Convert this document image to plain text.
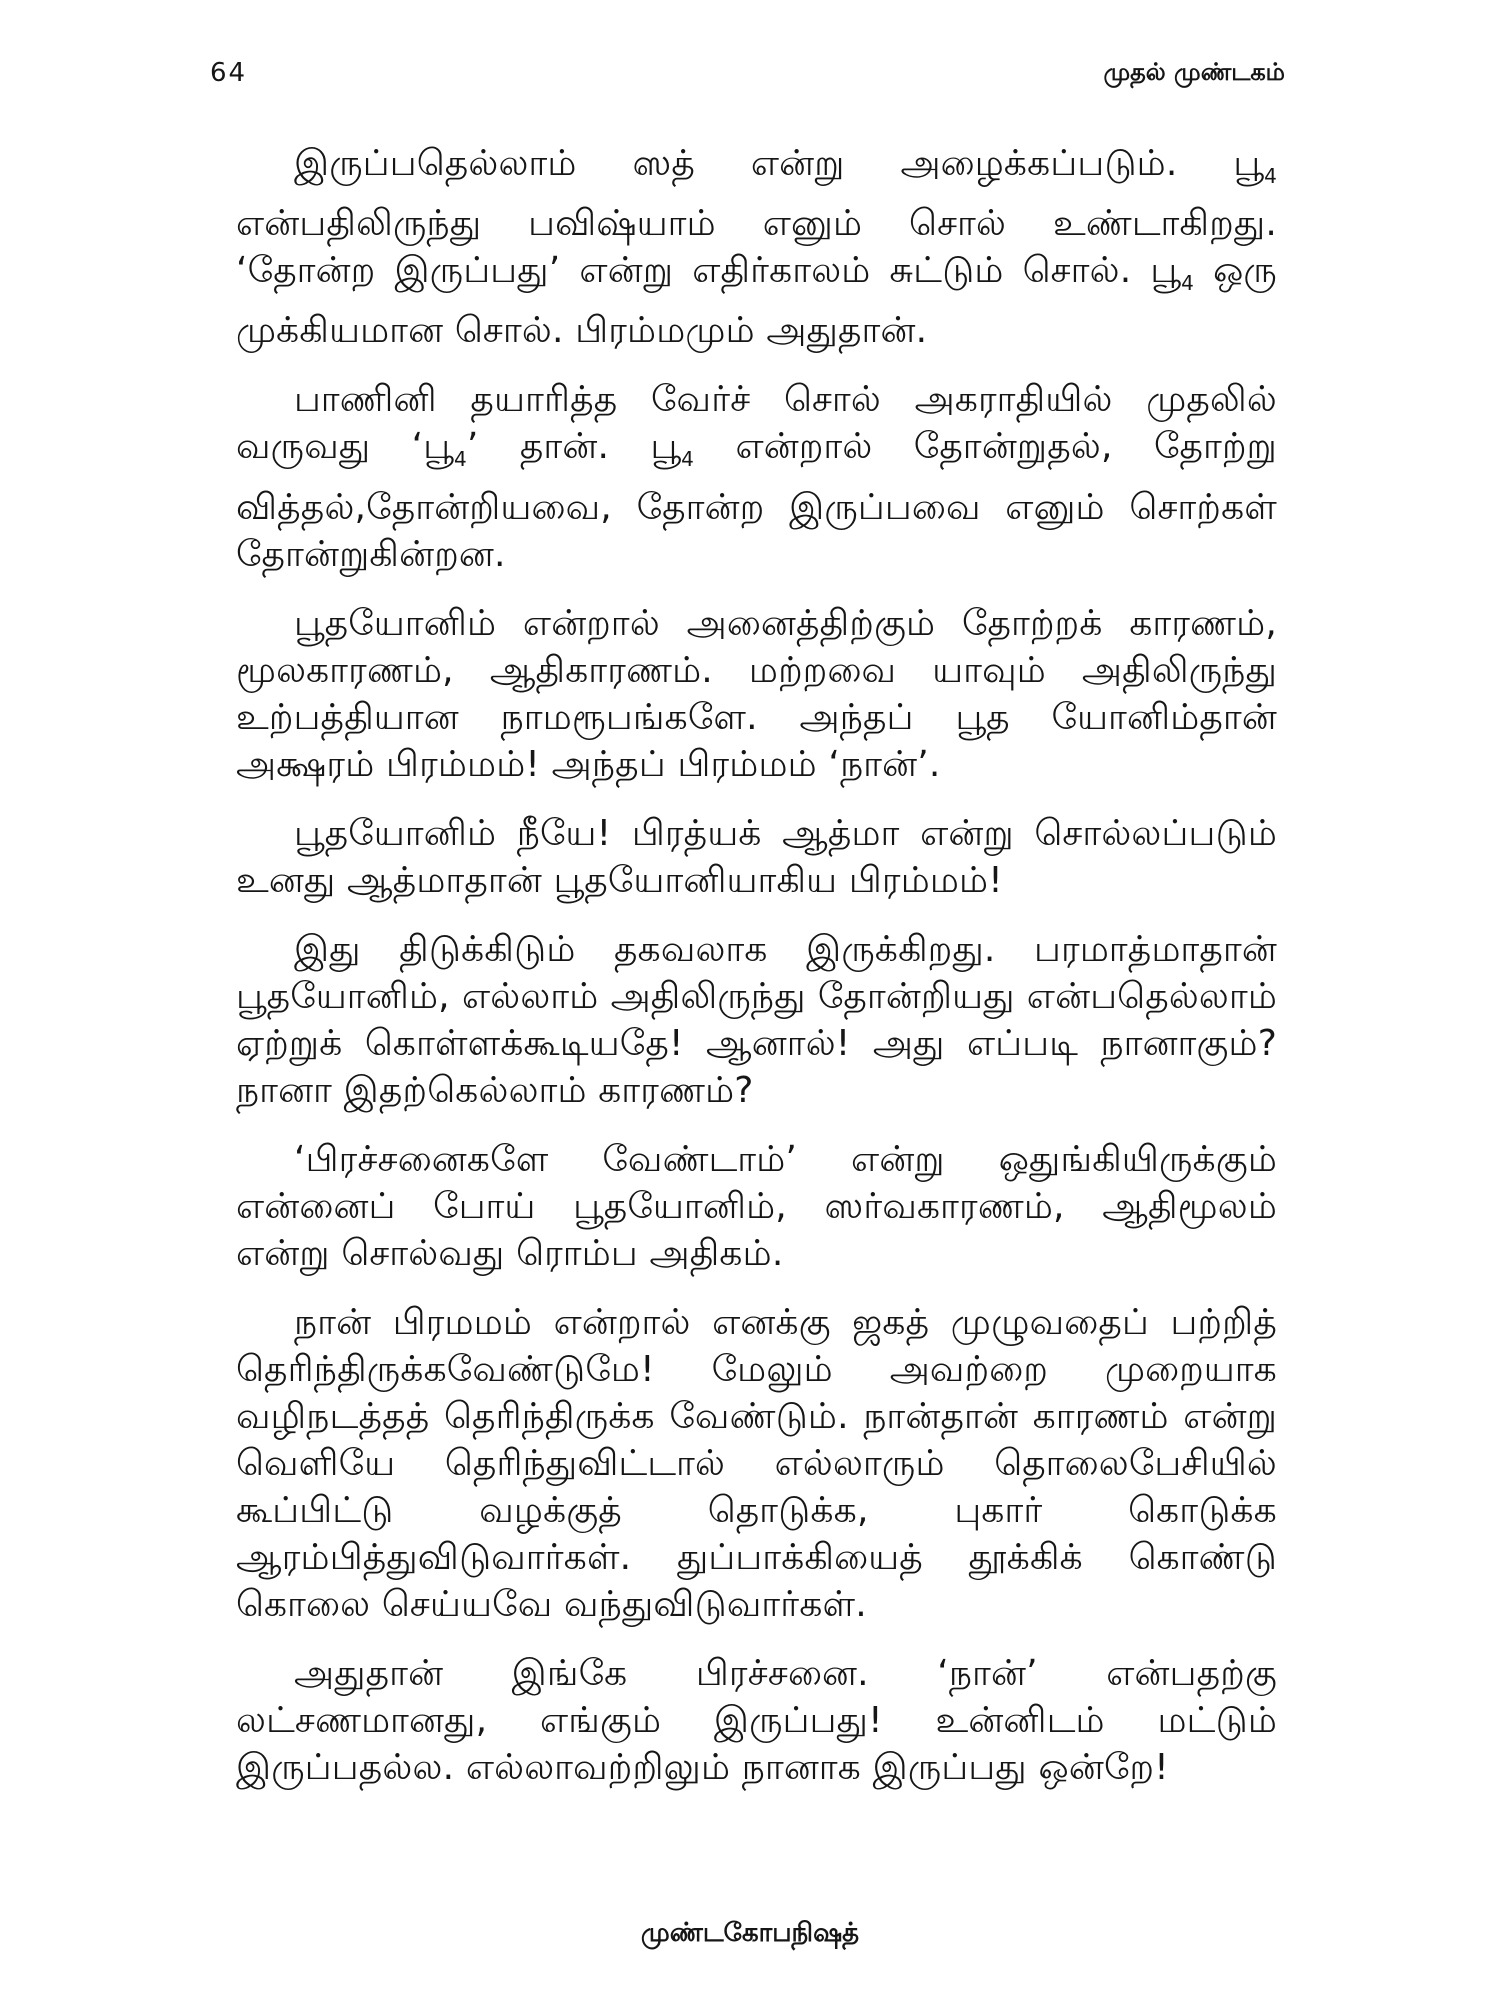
64	முதல் முண்டகம்

இருப்பதெல்லாம் ஸத் என்று அழைக்கப்படும். $பூ_4$ என்பதிலிருந்து பவிஷ்யாம் எனும் சொல் உண்டாகிறது. ‘தோன்ற இருப்பது’ என்று எதிர்காலம் சுட்டும் சொல். $பூ_4$ ஒரு முக்கியமான சொல். பிரம்மமும் அதுதான்.

பாணினி தயாரித்த வேர்ச் சொல் அகராதியில் முதலில் வருவது ‘$பூ_4$’ தான். $பூ_4$ என்றால் தோன்றுதல், தோற்று வித்தல்,தோன்றியவை, தோன்ற இருப்பவை எனும் சொற்கள் தோன்றுகின்றன.

பூதயோனிம் என்றால் அனைத்திற்கும் தோற்றக் காரணம், மூலகாரணம், ஆதிகாரணம். மற்றவை யாவும் அதிலிருந்து உற்பத்தியான நாமரூபங்களே. அந்தப் பூத யோனிம்தான் அக்ஷரம் பிரம்மம்! அந்தப் பிரம்மம் ‘நான்’.

பூதயோனிம் நீயே! பிரத்யக் ஆத்மா என்று சொல்லப்படும் உனது ஆத்மாதான் பூதயோனியாகிய பிரம்மம்!

இது திடுக்கிடும் தகவலாக இருக்கிறது. பரமாத்மாதான் பூதயோனிம், எல்லாம் அதிலிருந்து தோன்றியது என்பதெல்லாம் ஏற்றுக் கொள்ளக்கூடியதே! ஆனால்! அது எப்படி நானாகும்? நானா இதற்கெல்லாம் காரணம்?

‘பிரச்சனைகளே வேண்டாம்’ என்று ஒதுங்கியிருக்கும் என்னைப் போய் பூதயோனிம், ஸர்வகாரணம், ஆதிமூலம் என்று சொல்வது ரொம்ப அதிகம்.

நான் பிரமமம் என்றால் எனக்கு ஜகத் முழுவதைப் பற்றித் தெரிந்திருக்கவேண்டுமே! மேலும் அவற்றை முறையாக வழிநடத்தத் தெரிந்திருக்க வேண்டும். நான்தான் காரணம் என்று வெளியே தெரிந்துவிட்டால் எல்லாரும் தொலைபேசியில் கூப்பிட்டு வழக்குத் தொடுக்க, புகார் கொடுக்க ஆரம்பித்துவிடுவார்கள். துப்பாக்கியைத் தூக்கிக் கொண்டு கொலை செய்யவே வந்துவிடுவார்கள்.

அதுதான் இங்கே பிரச்சனை. ‘நான்’ என்பதற்கு லட்சணமானது, எங்கும் இருப்பது! உன்னிடம் மட்டும் இருப்பதல்ல. எல்லாவற்றிலும் நானாக இருப்பது ஒன்றே!

முண்டகோபநிஷத்
